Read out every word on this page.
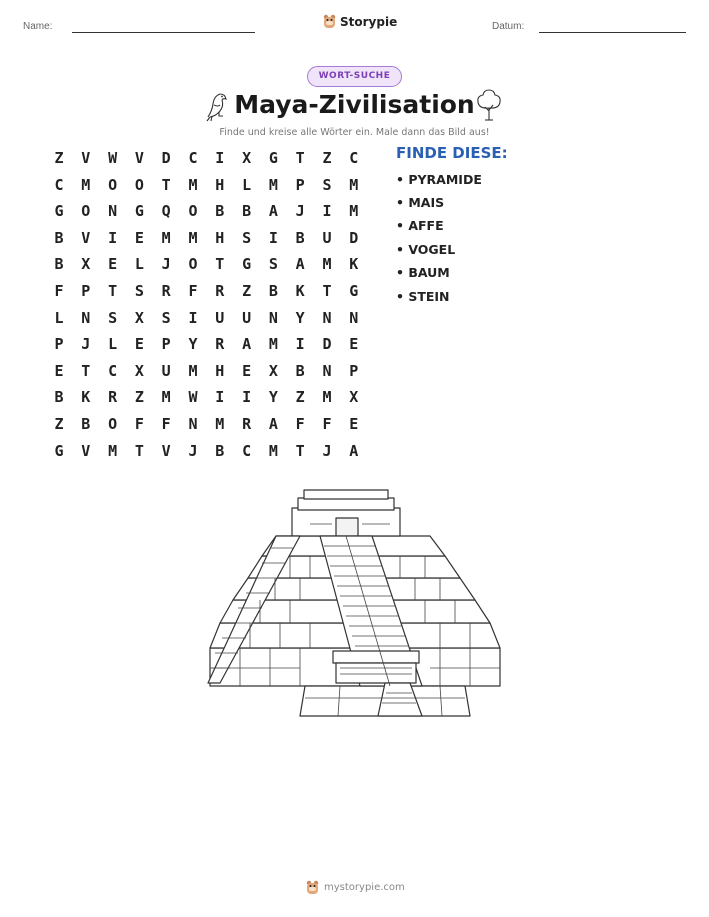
Name:	Storypie	Datum:
WORT-SUCHE
Maya-Zivilisation
Finde und kreise alle Wörter ein. Male dann das Bild aus!
Z	V	W	V	D	C	I	X	G	T	Z	C
C	M	O	O	T	M	H	L	M	P	S	M
G	O	N	G	Q	O	B	B	A	J	I	M
B	V	I	E	M	M	H	S	I	B	U	D
B	X	E	L	J	O	T	G	S	A	M	K
F	P	T	S	R	F	R	Z	B	K	T	G
L	N	S	X	S	I	U	U	N	Y	N	N
P	J	L	E	P	Y	R	A	M	I	D	E
E	T	C	X	U	M	H	E	X	B	N	P
B	K	R	Z	M	W	I	I	Y	Z	M	X
Z	B	O	F	F	N	M	R	A	F	F	E
G	V	M	T	V	J	B	C	M	T	J	A
FINDE DIESE:
• PYRAMIDE
• MAIS
• AFFE
• VOGEL
• BAUM
• STEIN
mystorypie.com
